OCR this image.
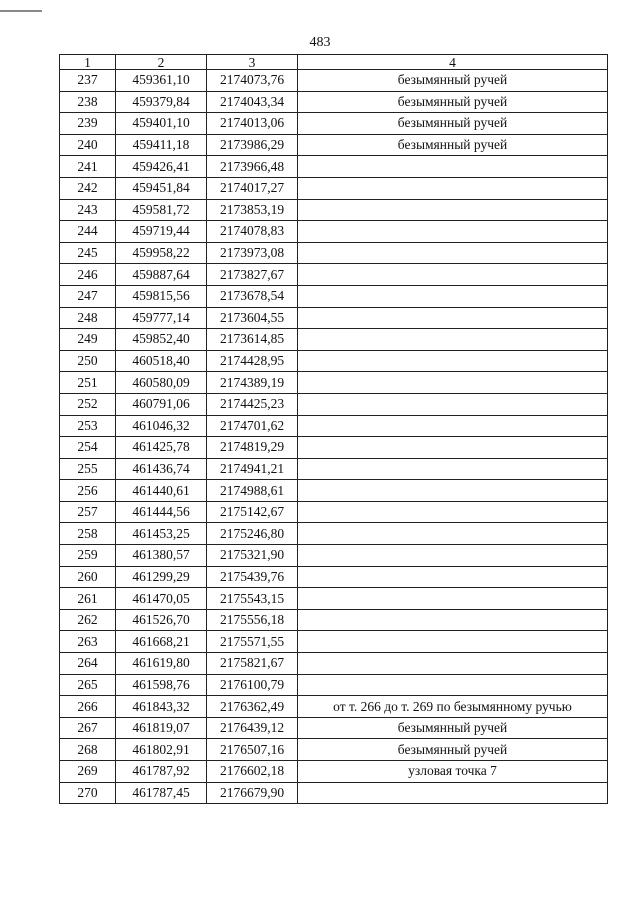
483
1	2	3	4
237	459361,10	2174073,76	безымянный ручей
238	459379,84	2174043,34	безымянный ручей
239	459401,10	2174013,06	безымянный ручей
240	459411,18	2173986,29	безымянный ручей
241	459426,41	2173966,48	
242	459451,84	2174017,27	
243	459581,72	2173853,19	
244	459719,44	2174078,83	
245	459958,22	2173973,08	
246	459887,64	2173827,67	
247	459815,56	2173678,54	
248	459777,14	2173604,55	
249	459852,40	2173614,85	
250	460518,40	2174428,95	
251	460580,09	2174389,19	
252	460791,06	2174425,23	
253	461046,32	2174701,62	
254	461425,78	2174819,29	
255	461436,74	2174941,21	
256	461440,61	2174988,61	
257	461444,56	2175142,67	
258	461453,25	2175246,80	
259	461380,57	2175321,90	
260	461299,29	2175439,76	
261	461470,05	2175543,15	
262	461526,70	2175556,18	
263	461668,21	2175571,55	
264	461619,80	2175821,67	
265	461598,76	2176100,79	
266	461843,32	2176362,49	от т. 266 до т. 269 по безымянному ручью
267	461819,07	2176439,12	безымянный ручей
268	461802,91	2176507,16	безымянный ручей
269	461787,92	2176602,18	узловая точка 7
270	461787,45	2176679,90	
